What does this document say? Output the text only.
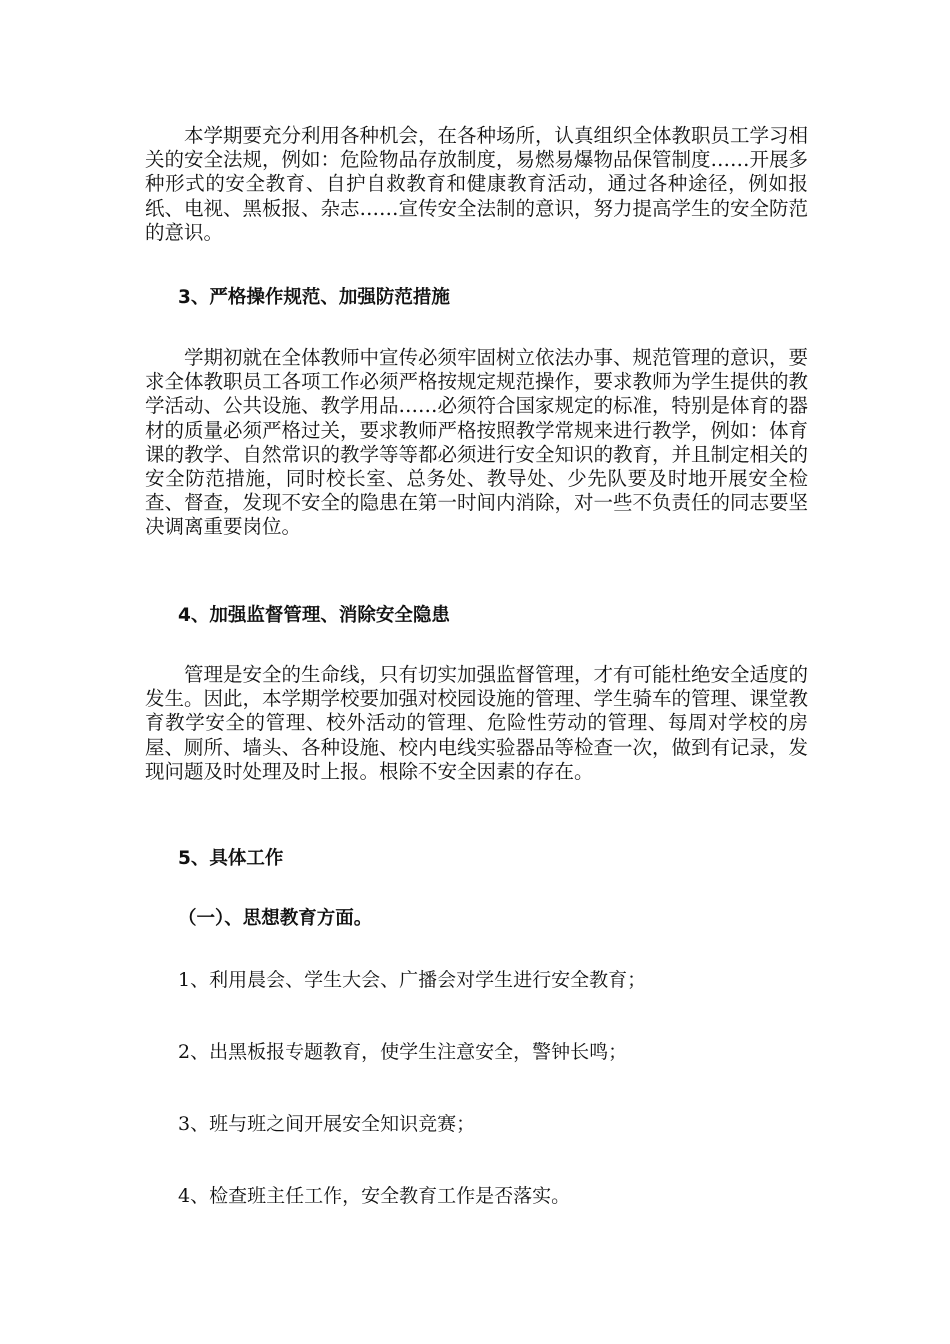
本学期要充分利用各种机会，在各种场所，认真组织全体教职员工学习相关的安全法规，例如：危险物品存放制度，易燃易爆物品保管制度……开展多种形式的安全教育、自护自救教育和健康教育活动，通过各种途径，例如报纸、电视、黑板报、杂志……宣传安全法制的意识，努力提高学生的安全防范的意识。

3、严格操作规范、加强防范措施

学期初就在全体教师中宣传必须牢固树立依法办事、规范管理的意识，要求全体教职员工各项工作必须严格按规定规范操作，要求教师为学生提供的教学活动、公共设施、教学用品……必须符合国家规定的标准，特别是体育的器材的质量必须严格过关，要求教师严格按照教学常规来进行教学，例如：体育课的教学、自然常识的教学等等都必须进行安全知识的教育，并且制定相关的安全防范措施，同时校长室、总务处、教导处、少先队要及时地开展安全检查、督查，发现不安全的隐患在第一时间内消除，对一些不负责任的同志要坚决调离重要岗位。

4、加强监督管理、消除安全隐患

管理是安全的生命线，只有切实加强监督管理，才有可能杜绝安全适度的发生。因此，本学期学校要加强对校园设施的管理、学生骑车的管理、课堂教育教学安全的管理、校外活动的管理、危险性劳动的管理、每周对学校的房屋、厕所、墙头、各种设施、校内电线实验器品等检查一次，做到有记录，发现问题及时处理及时上报。根除不安全因素的存在。

5、具体工作

（一）、思想教育方面。

1、利用晨会、学生大会、广播会对学生进行安全教育；

2、出黑板报专题教育，使学生注意安全，警钟长鸣；

3、班与班之间开展安全知识竞赛；

4、检查班主任工作，安全教育工作是否落实。
